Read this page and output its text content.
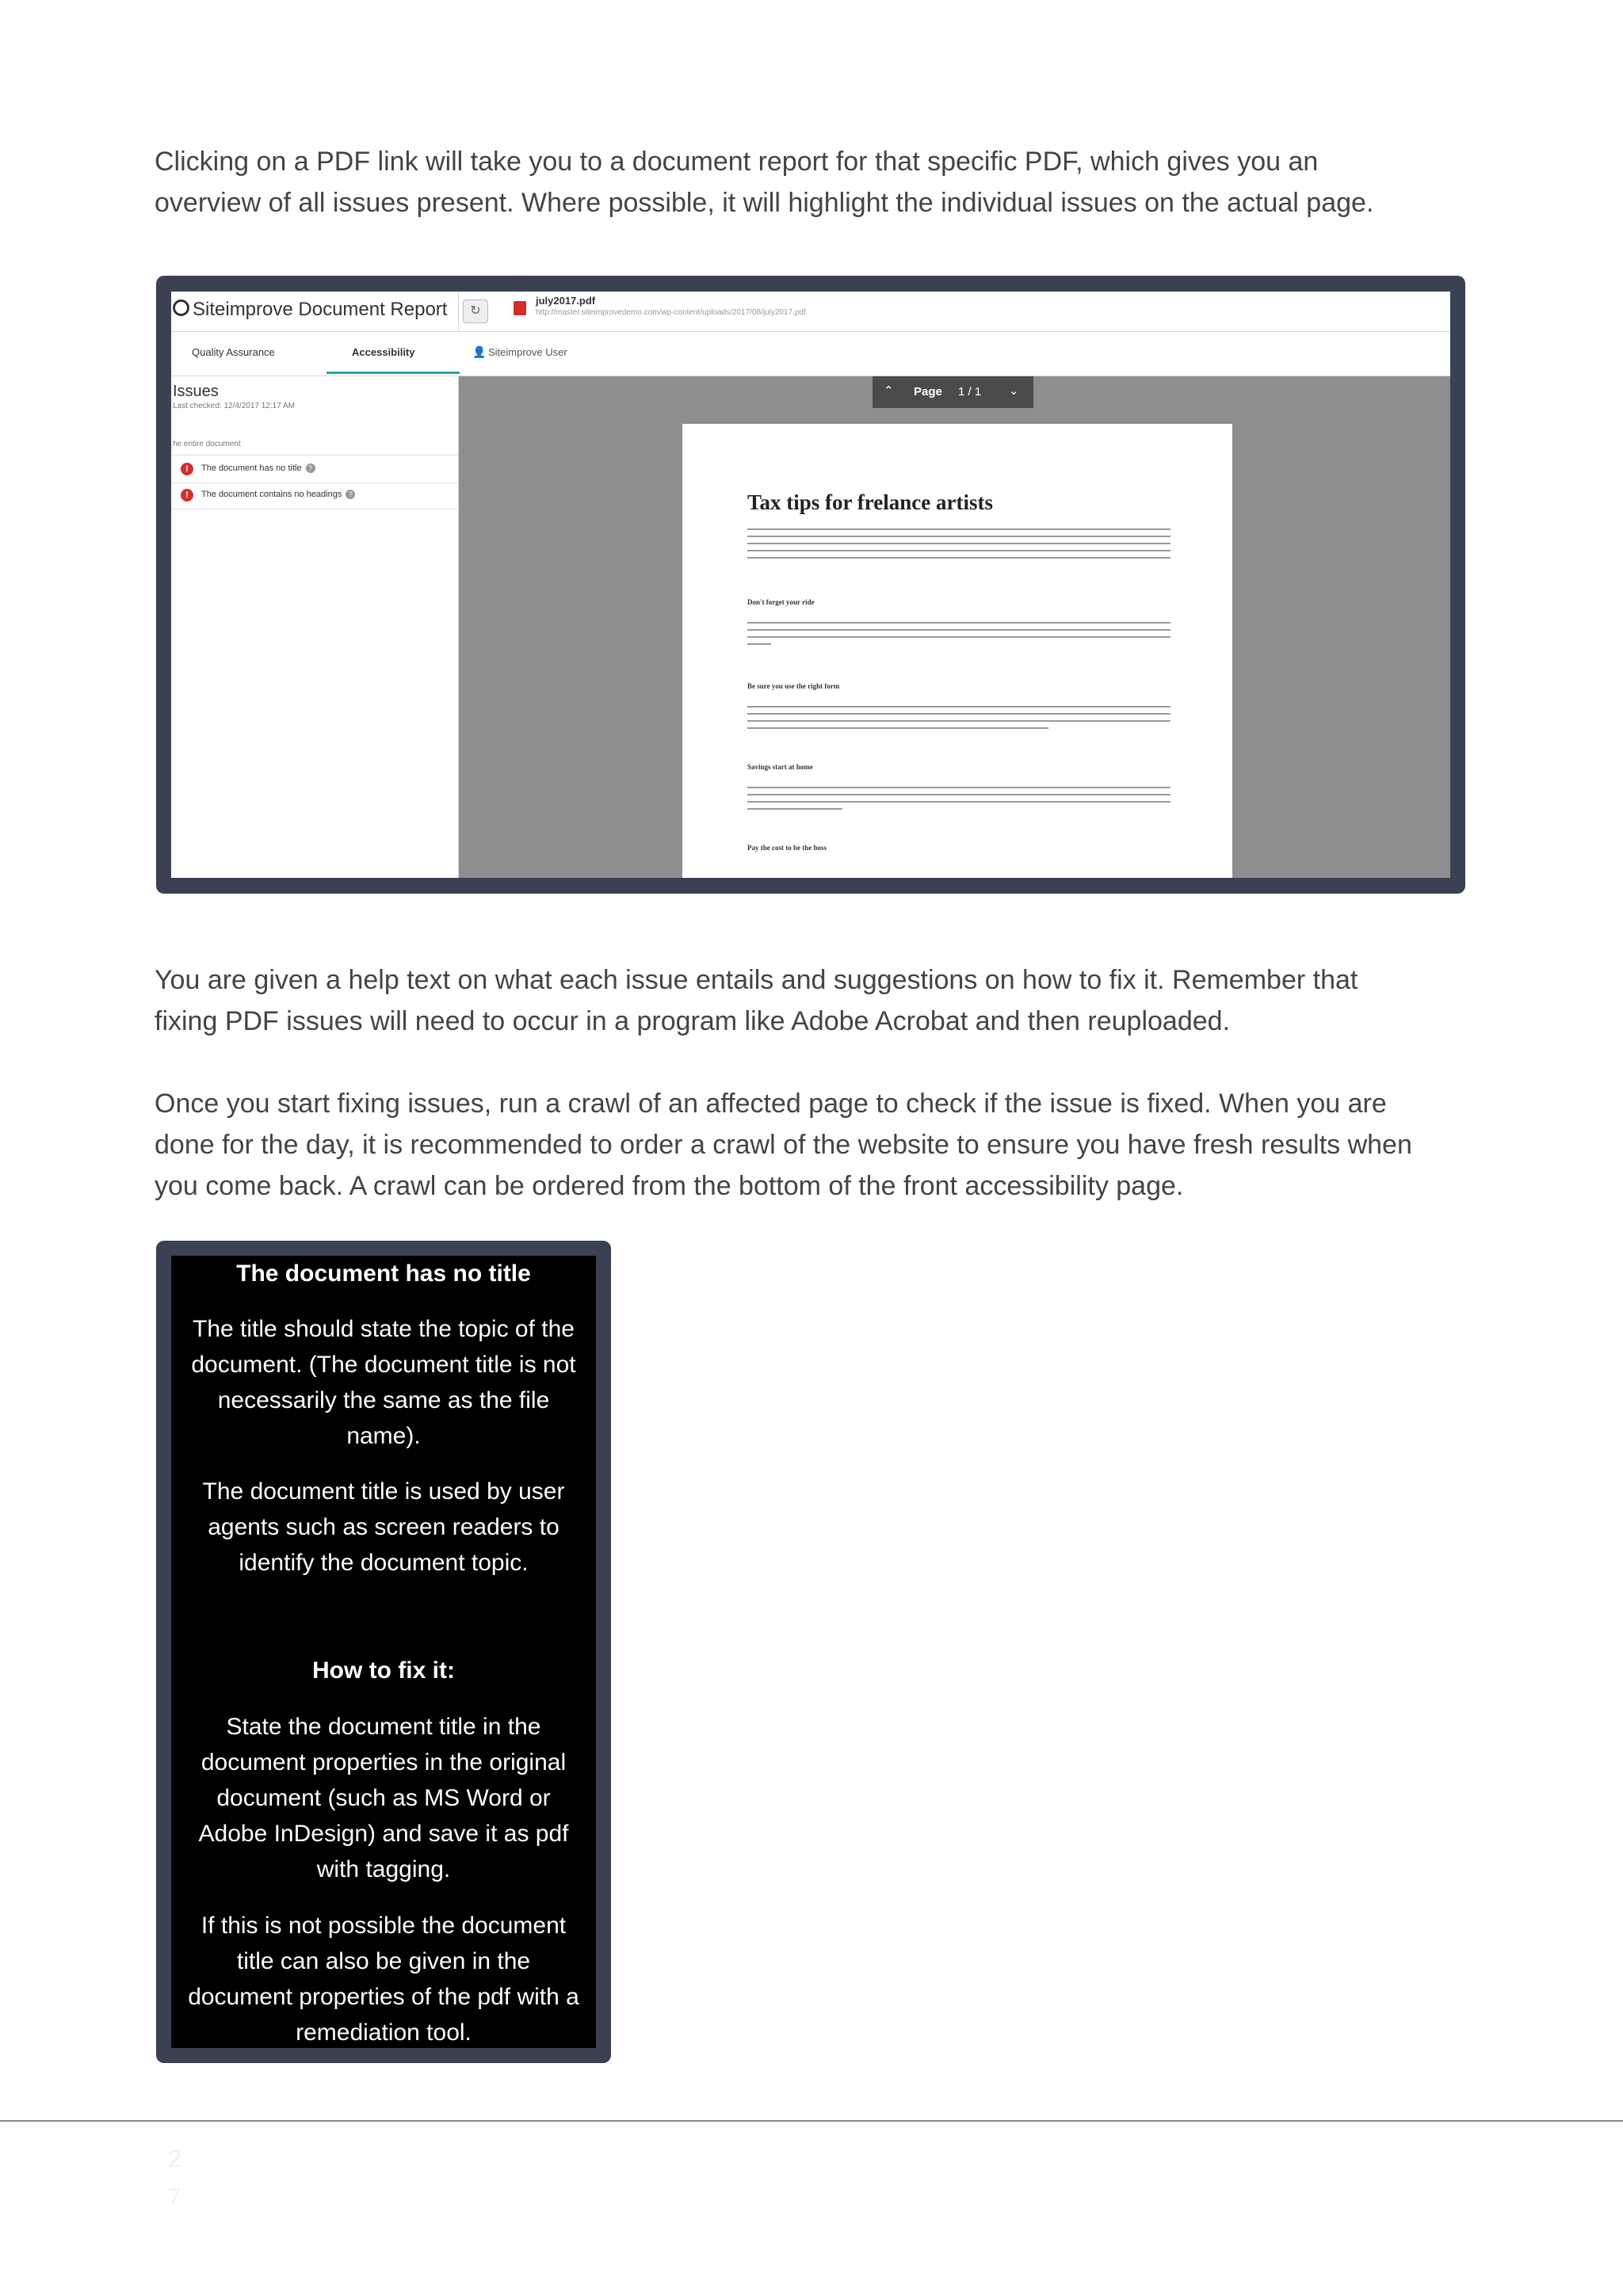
Clicking on a PDF link will take you to a document report for that specific PDF, which gives you an
overview of all issues present. Where possible, it will highlight the individual issues on the actual page.
Siteimprove Document Report	↻
july2017.pdf
http://master.siteimprovedemo.com/wp-content/uploads/2017/08/july2017.pdf
Quality Assurance	Accessibility	👤 Siteimprove User
Issues
Last checked: 12/4/2017 12:17 AM
he entire document
!	The document has no title ?
!	The document contains no headings ?
⌃ Page 1 / 1 ⌄
Tax tips for frelance artists
Don't forget your ride
Be sure you use the right form
Savings start at home
Pay the cost to be the boss
You are given a help text on what each issue entails and suggestions on how to fix it. Remember that
fixing PDF issues will need to occur in a program like Adobe Acrobat and then reuploaded.
Once you start fixing issues, run a crawl of an affected page to check if the issue is fixed. When you are
done for the day, it is recommended to order a crawl of the website to ensure you have fresh results when
you come back. A crawl can be ordered from the bottom of the front accessibility page.
The document has no title
The title should state the topic of the
document. (The document title is not
necessarily the same as the file
name).
The document title is used by user
agents such as screen readers to
identify the document topic.
How to fix it:
State the document title in the
document properties in the original
document (such as MS Word or
Adobe InDesign) and save it as pdf
with tagging.
If this is not possible the document
title can also be given in the
document properties of the pdf with a
remediation tool.
2
7
